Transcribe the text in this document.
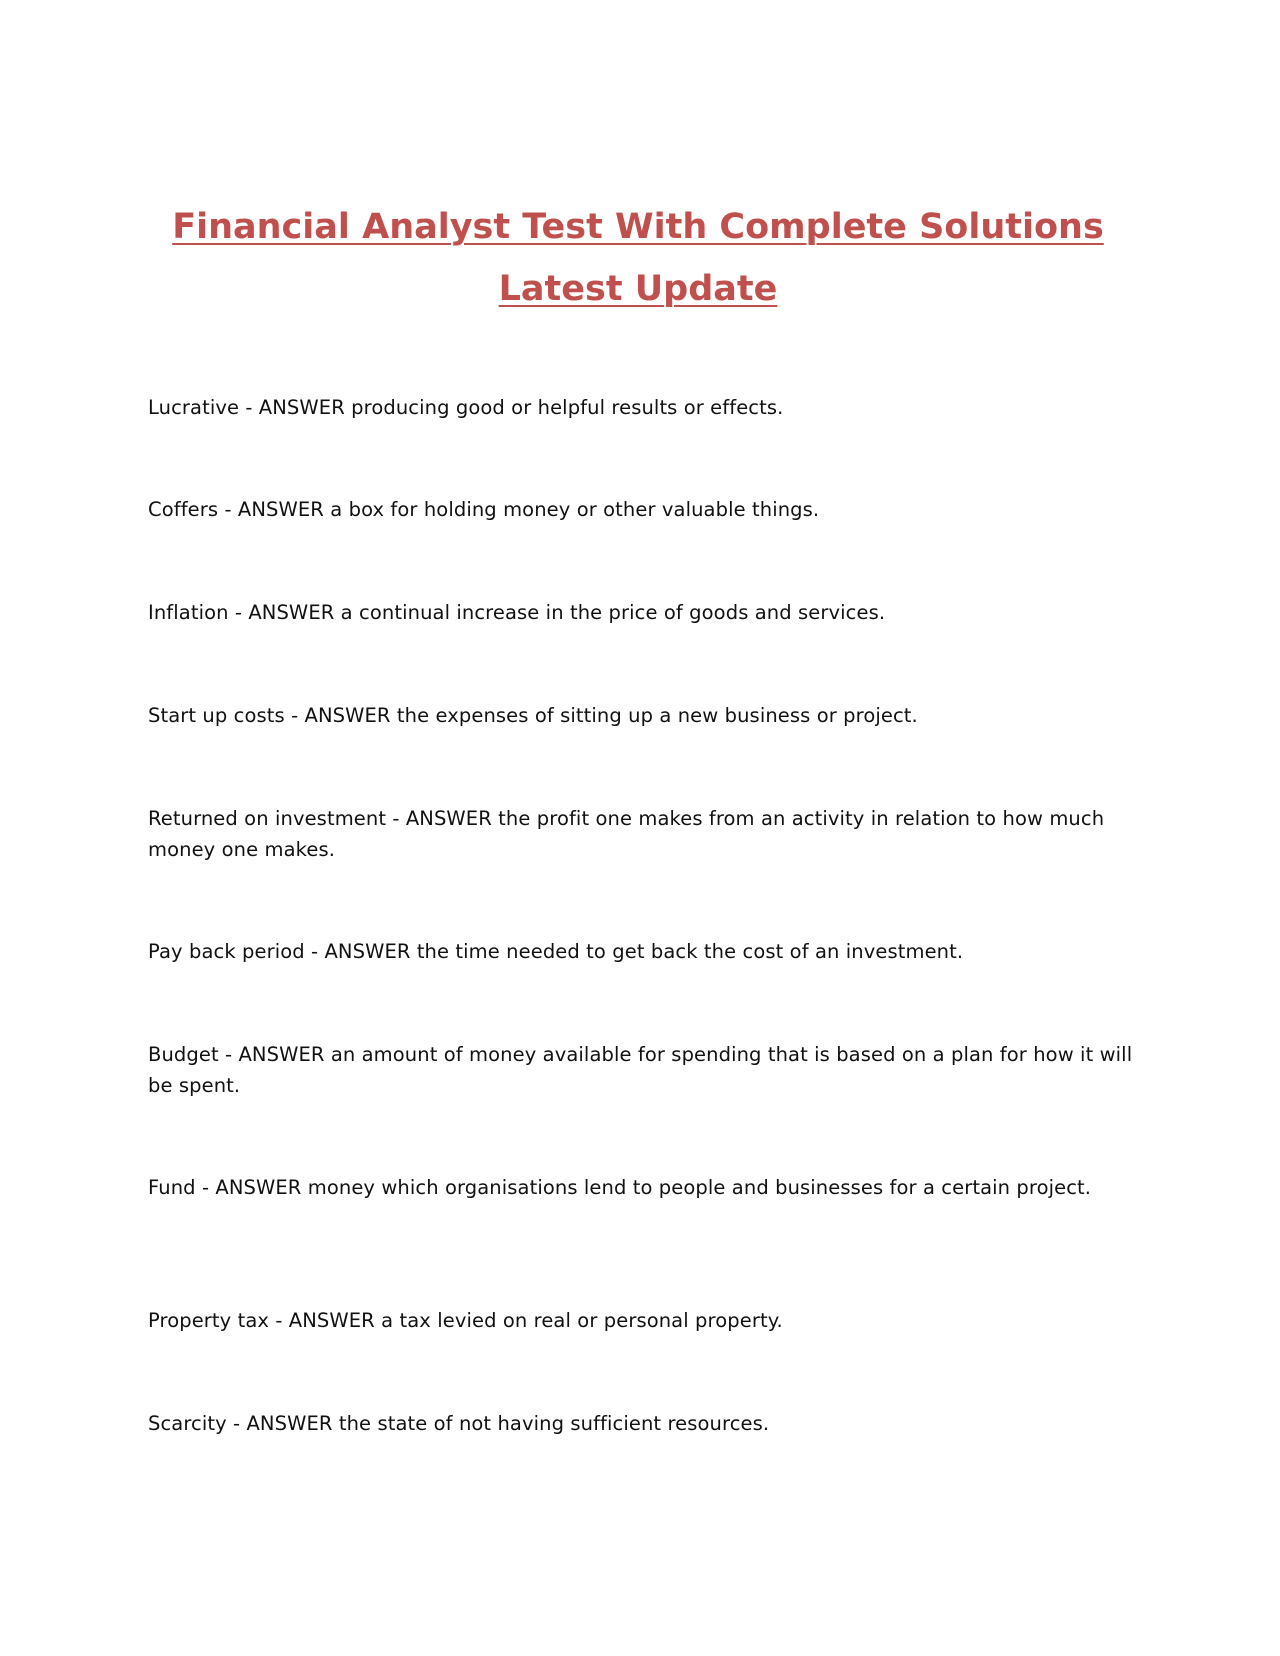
Financial Analyst Test With Complete Solutions
Latest Update

Lucrative - ANSWER producing good or helpful results or effects.

Coffers - ANSWER a box for holding money or other valuable things.

Inflation - ANSWER a continual increase in the price of goods and services.

Start up costs - ANSWER the expenses of sitting up a new business or project.

Returned on investment - ANSWER the profit one makes from an activity in relation to how much money one makes.

Pay back period - ANSWER the time needed to get back the cost of an investment.

Budget - ANSWER an amount of money available for spending that is based on a plan for how it will be spent.

Fund - ANSWER money which organisations lend to people and businesses for a certain project.

Property tax - ANSWER a tax levied on real or personal property.

Scarcity - ANSWER the state of not having sufficient resources.
